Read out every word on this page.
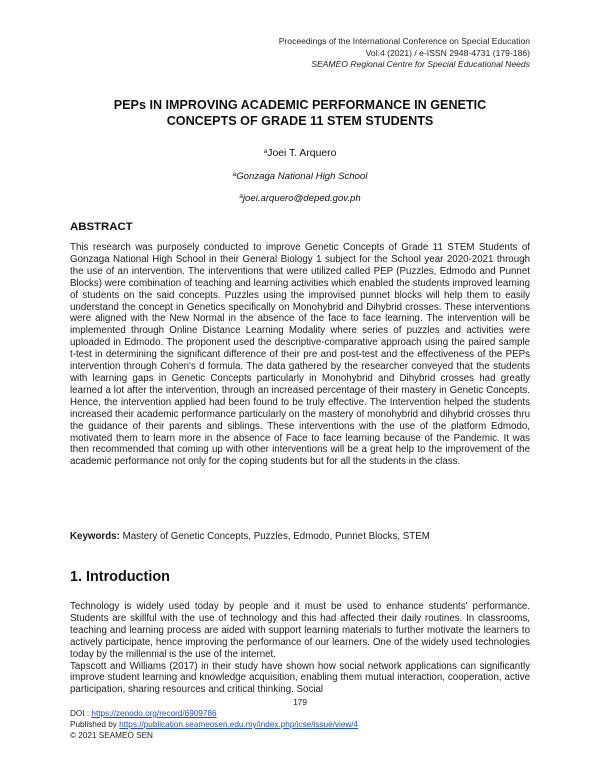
Proceedings of the International Conference on Special Education
Vol.4 (2021) / e-ISSN 2948-4731 (179-186)
SEAMEO Regional Centre for Special Educational Needs
PEPs IN IMPROVING ACADEMIC PERFORMANCE IN GENETIC
CONCEPTS OF GRADE 11 STEM STUDENTS
$^a$Joei T. Arquero
$^a$Gonzaga National High School
$^a$joei.arquero@deped.gov.ph
ABSTRACT

This research was purposely conducted to improve Genetic Concepts of Grade 11 STEM Students of Gonzaga National High School in their General Biology 1 subject for the School year 2020-2021 through the use of an intervention. The interventions that were utilized called PEP (Puzzles, Edmodo and Punnet Blocks) were combination of teaching and learning activities which enabled the students improved learning of students on the said concepts. Puzzles using the improvised punnet blocks will help them to easily understand the concept in Genetics specifically on Monohybrid and Dihybrid crosses. These interventions were aligned with the New Normal in the absence of the face to face learning. The intervention will be implemented through Online Distance Learning Modality where series of puzzles and activities were uploaded in Edmodo. The proponent used the descriptive-comparative approach using the paired sample t-test in determining the significant difference of their pre and post-test and the effectiveness of the PEPs intervention through Cohen's d formula. The data gathered by the researcher conveyed that the students with learning gaps in Genetic Concepts particularly in Monohybrid and Dihybrid crosses had greatly learned a lot after the intervention, through an increased percentage of their mastery in Genetic Concepts. Hence, the intervention applied had been found to be truly effective. The Intervention helped the students increased their academic performance particularly on the mastery of monohybrid and dihybrid crosses thru the guidance of their parents and siblings. These interventions with the use of the platform Edmodo, motivated them to learn more in the absence of Face to face learning because of the Pandemic. It was then recommended that coming up with other interventions will be a great help to the improvement of the academic performance not only for the coping students but for all the students in the class.

Keywords: Mastery of Genetic Concepts, Puzzles, Edmodo, Punnet Blocks, STEM
1. Introduction

Technology is widely used today by people and it must be used to enhance students' performance. Students are skillful with the use of technology and this had affected their daily routines. In classrooms, teaching and learning process are aided with support learning materials to further motivate the learners to actively participate, hence improving the performance of our learners. One of the widely used technologies today by the millennial is the use of the internet.

Tapscott and Williams (2017) in their study have shown how social network applications can significantly improve student learning and knowledge acquisition, enabling them mutual interaction, cooperation, active participation, sharing resources and critical thinking. Social

179
DOI : https://zenodo.org/record/6909786
Published by https://publication.seameosen.edu.my/index.php/icse/issue/view/4
© 2021 SEAMEO SEN
